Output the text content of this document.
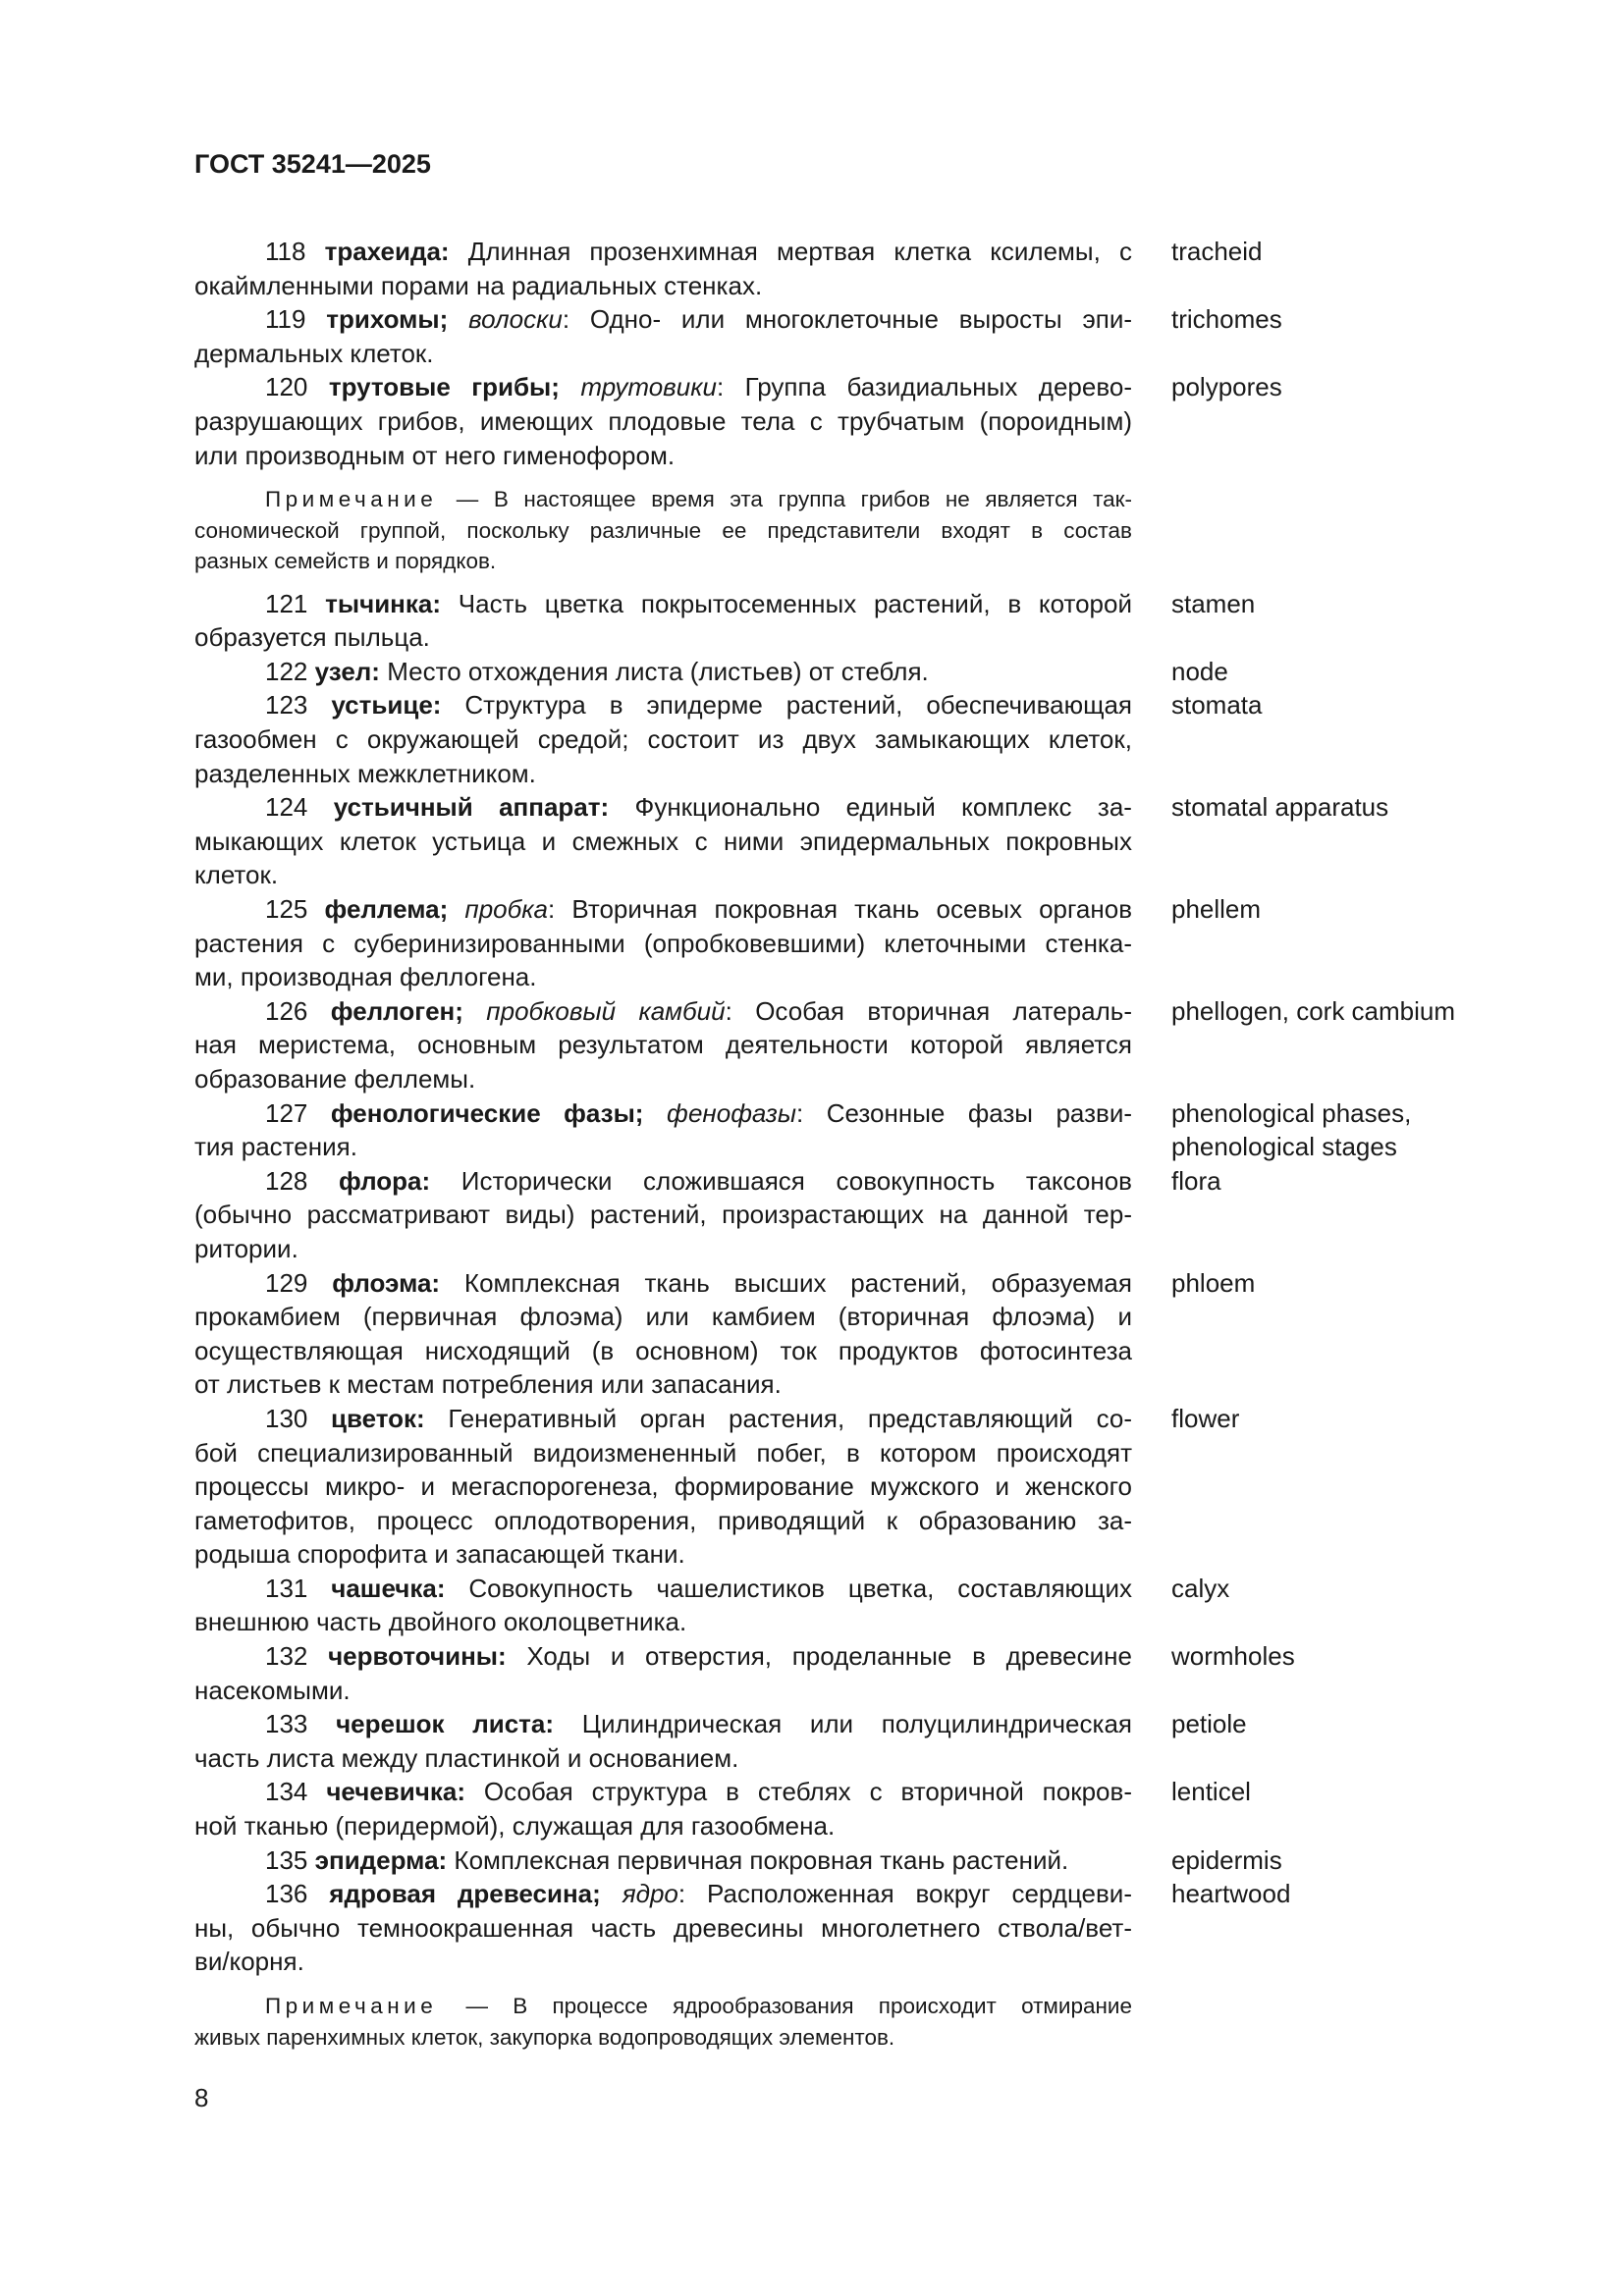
ГОСТ 35241—2025
118 трахеида: Длинная прозенхимная мертвая клетка ксилемы, с
окаймленными порами на радиальных стенках.
tracheid
119 трихомы; волоски: Одно- или многоклеточные выросты эпи-
дермальных клеток.
trichomes
120 трутовые грибы; трутовики: Группа базидиальных дерево-
разрушающих грибов, имеющих плодовые тела с трубчатым (пороидным)
или производным от него гименофором.
polypores
Примечание — В настоящее время эта группа грибов не является так-
сономической группой, поскольку различные ее представители входят в состав
разных семейств и порядков.
121 тычинка: Часть цветка покрытосеменных растений, в которой
образуется пыльца.
stamen
122 узел: Место отхождения листа (листьев) от стебля.	node
123 устьице: Структура в эпидерме растений, обеспечивающая
газообмен с окружающей средой; состоит из двух замыкающих клеток,
разделенных межклетником.
stomata
124 устьичный аппарат: Функционально единый комплекс за-
мыкающих клеток устьица и смежных с ними эпидермальных покровных
клеток.
stomatal apparatus
125 феллема; пробка: Вторичная покровная ткань осевых органов
растения с суберинизированными (опробковевшими) клеточными стенка-
ми, производная феллогена.
phellem
126 феллоген; пробковый камбий: Особая вторичная латераль-
ная меристема, основным результатом деятельности которой является
образование феллемы.
phellogen, cork cambium
127 фенологические фазы; фенофазы: Сезонные фазы разви-
тия растения.
phenological phases,
phenological stages
128 флора: Исторически сложившаяся совокупность таксонов
(обычно рассматривают виды) растений, произрастающих на данной тер-
ритории.
flora
129 флоэма: Комплексная ткань высших растений, образуемая
прокамбием (первичная флоэма) или камбием (вторичная флоэма) и
осуществляющая нисходящий (в основном) ток продуктов фотосинтеза
от листьев к местам потребления или запасания.
phloem
130 цветок: Генеративный орган растения, представляющий со-
бой специализированный видоизмененный побег, в котором происходят
процессы микро- и мегаспорогенеза, формирование мужского и женского
гаметофитов, процесс оплодотворения, приводящий к образованию за-
родыша спорофита и запасающей ткани.
flower
131 чашечка: Совокупность чашелистиков цветка, составляющих
внешнюю часть двойного околоцветника.
calyx
132 червоточины: Ходы и отверстия, проделанные в древесине
насекомыми.
wormholes
133 черешок листа: Цилиндрическая или полуцилиндрическая
часть листа между пластинкой и основанием.
petiole
134 чечевичка: Особая структура в стеблях с вторичной покров-
ной тканью (перидермой), служащая для газообмена.
lenticel
135 эпидерма: Комплексная первичная покровная ткань растений.	epidermis
136 ядровая древесина; ядро: Расположенная вокруг сердцеви-
ны, обычно темноокрашенная часть древесины многолетнего ствола/вет-
ви/корня.
heartwood
Примечание — В процессе ядрообразования происходит отмирание
живых паренхимных клеток, закупорка водопроводящих элементов.
8
